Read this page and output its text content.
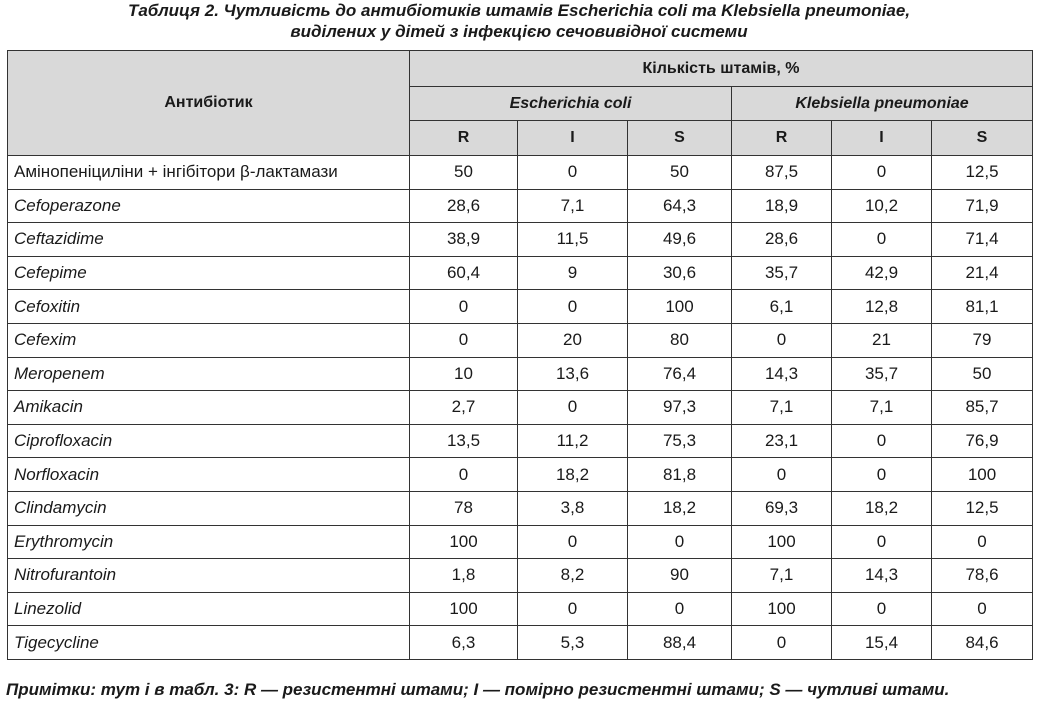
Таблиця 2. Чутливість до антибіотиків штамів Escherichia coli та Klebsiella pneumoniae,
виділених у дітей з інфекцією сечовивідної системи
Антибіотик	Кількість штамів, %					
	Escherichia coli			Klebsiella pneumoniae		
	R	I	S	R	I	S
Амінопеніциліни + інгібітори β-лактамази	50	0	50	87,5	0	12,5
Cefoperazone	28,6	7,1	64,3	18,9	10,2	71,9
Ceftazidime	38,9	11,5	49,6	28,6	0	71,4
Cefepime	60,4	9	30,6	35,7	42,9	21,4
Cefoxitin	0	0	100	6,1	12,8	81,1
Cefexim	0	20	80	0	21	79
Meropenem	10	13,6	76,4	14,3	35,7	50
Amikacin	2,7	0	97,3	7,1	7,1	85,7
Ciprofloxacin	13,5	11,2	75,3	23,1	0	76,9
Norfloxacin	0	18,2	81,8	0	0	100
Clindamycin	78	3,8	18,2	69,3	18,2	12,5
Erythromycin	100	0	0	100	0	0
Nitrofurantoin	1,8	8,2	90	7,1	14,3	78,6
Linezolid	100	0	0	100	0	0
Tigecycline	6,3	5,3	88,4	0	15,4	84,6
Примітки: тут і в табл. 3: R — резистентні штами; I — помірно резистентні штами; S — чутливі штами.
